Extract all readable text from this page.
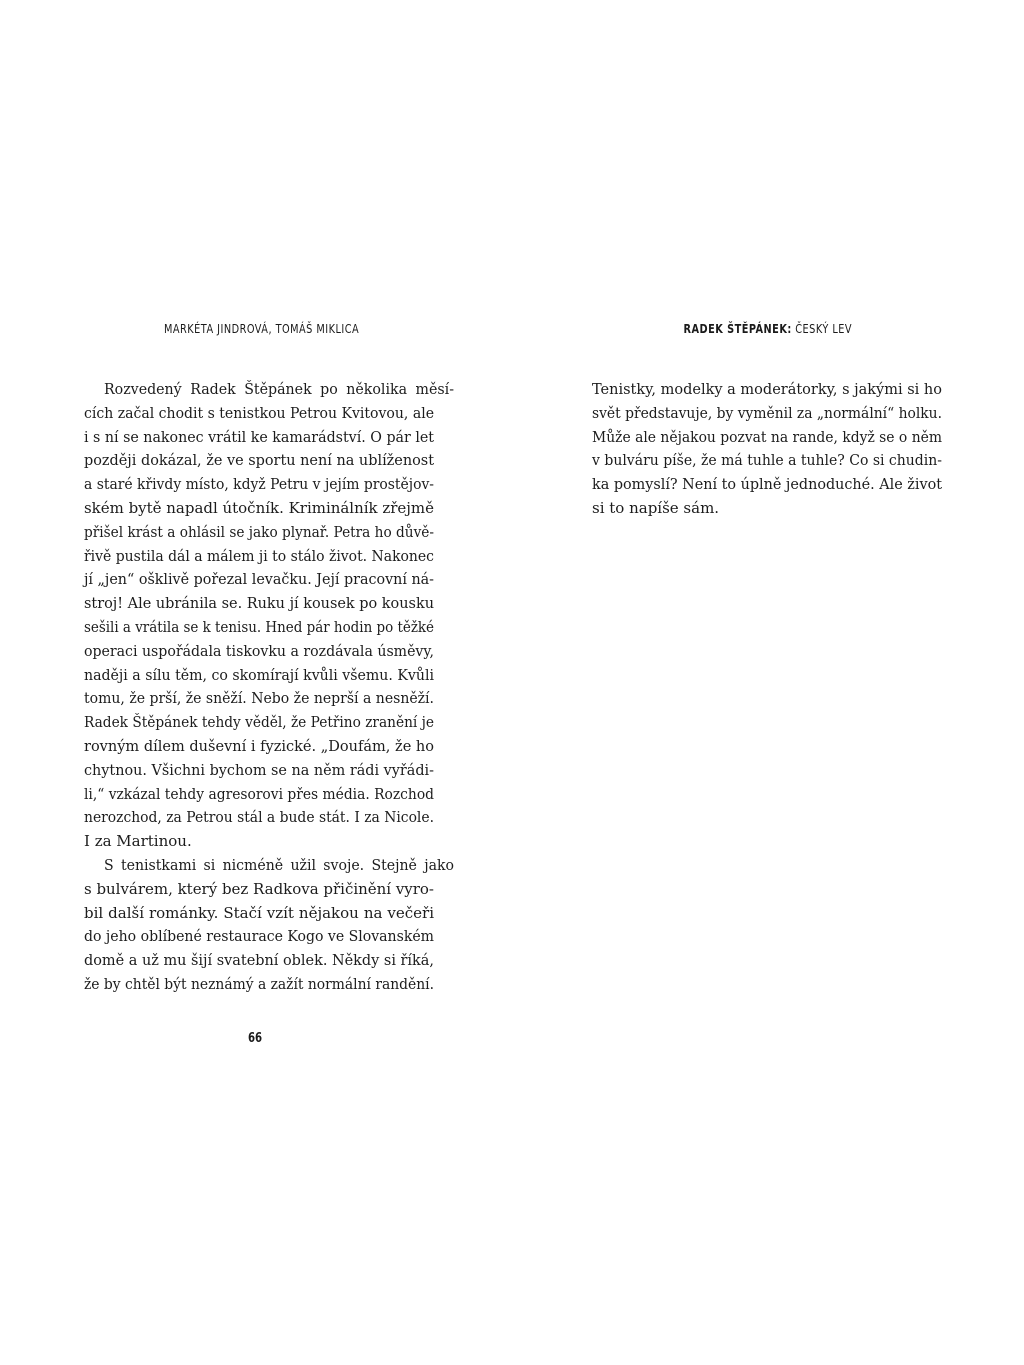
MARKÉTA JINDROVÁ, TOMÁŠ MIKLICA
Rozvedený Radek Štěpánek po několika měsí-
cích začal chodit s tenistkou Petrou Kvitovou, ale
i s ní se nakonec vrátil ke kamarádství. O pár let
později dokázal, že ve sportu není na ublíženost
a staré křivdy místo, když Petru v jejím prostějov-
ském bytě napadl útočník. Kriminálník zřejmě
přišel krást a ohlásil se jako plynař. Petra ho důvě-
řivě pustila dál a málem ji to stálo život. Nakonec
jí „jen“ ošklivě pořezal levačku. Její pracovní ná-
stroj! Ale ubránila se. Ruku jí kousek po kousku
sešili a vrátila se k tenisu. Hned pár hodin po těžké
operaci uspořádala tiskovku a rozdávala úsměvy,
naději a sílu těm, co skomírají kvůli všemu. Kvůli
tomu, že prší, že sněží. Nebo že neprší a nesněží.
Radek Štěpánek tehdy věděl, že Petřino zranění je
rovným dílem duševní i fyzické. „Doufám, že ho
chytnou. Všichni bychom se na něm rádi vyřádi-
li,“ vzkázal tehdy agresorovi přes média. Rozchod
nerozchod, za Petrou stál a bude stát. I za Nicole.
I za Martinou.
S tenistkami si nicméně užil svoje. Stejně jako
s bulvárem, který bez Radkova přičinění vyro-
bil další románky. Stačí vzít nějakou na večeři
do jeho oblíbené restaurace Kogo ve Slovanském
domě a už mu šijí svatební oblek. Někdy si říká,
že by chtěl být neznámý a zažít normální randění.
66
RADEK ŠTĚPÁNEK: ČESKÝ LEV
Tenistky, modelky a moderátorky, s jakými si ho
svět představuje, by vyměnil za „normální“ holku.
Může ale nějakou pozvat na rande, když se o něm
v bulváru píše, že má tuhle a tuhle? Co si chudin-
ka pomyslí? Není to úplně jednoduché. Ale život
si to napíše sám.
